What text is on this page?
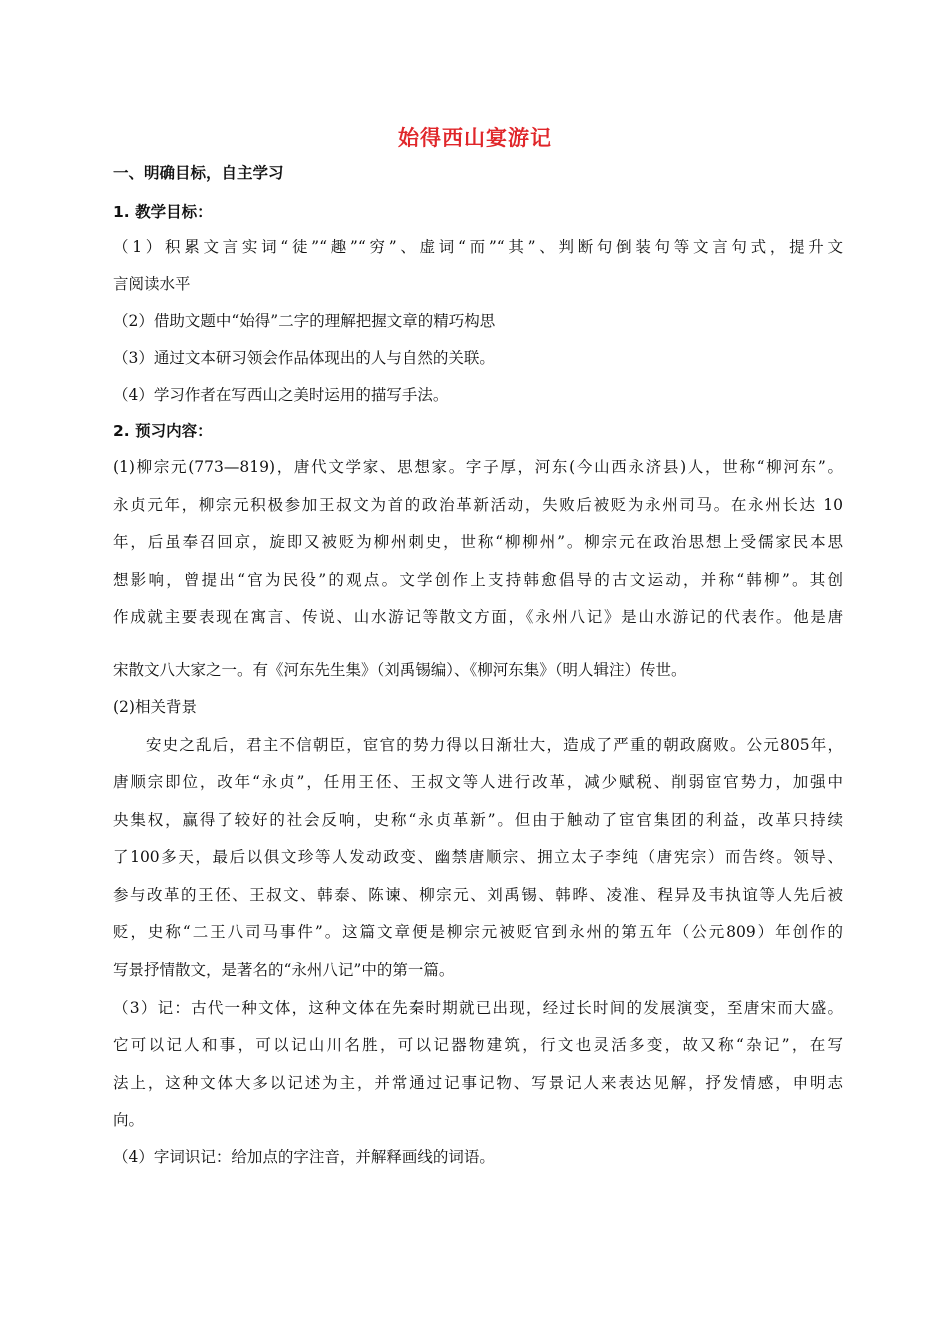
始得西山宴游记

一、明确目标，自主学习

1. 教学目标：

（1）积累文言实词“徒”“趣”“穷”、虚词“而”“其”、判断句倒装句等文言句式，提升文

言阅读水平

（2）借助文题中“始得”二字的理解把握文章的精巧构思

（3）通过文本研习领会作品体现出的人与自然的关联。

（4）学习作者在写西山之美时运用的描写手法。

2. 预习内容：

(1)柳宗元(773—819)，唐代文学家、思想家。字子厚，河东(今山西永济县)人，世称“柳河东”。

永贞元年，柳宗元积极参加王叔文为首的政治革新活动，失败后被贬为永州司马。在永州长达 10

年，后虽奉召回京，旋即又被贬为柳州刺史，世称“柳柳州”。柳宗元在政治思想上受儒家民本思

想影响，曾提出“官为民役”的观点。文学创作上支持韩愈倡导的古文运动，并称“韩柳”。其创

作成就主要表现在寓言、传说、山水游记等散文方面，《永州八记》是山水游记的代表作。他是唐

宋散文八大家之一。有《河东先生集》（刘禹锡编）、《柳河东集》（明人辑注）传世。

(2)相关背景

安史之乱后，君主不信朝臣，宦官的势力得以日渐壮大，造成了严重的朝政腐败。公元805年，

唐顺宗即位，改年“永贞”，任用王伾、王叔文等人进行改革，减少赋税、削弱宦官势力，加强中

央集权，赢得了较好的社会反响，史称“永贞革新”。但由于触动了宦官集团的利益，改革只持续

了100多天，最后以俱文珍等人发动政变、幽禁唐顺宗、拥立太子李纯（唐宪宗）而告终。领导、

参与改革的王伾、王叔文、韩泰、陈谏、柳宗元、刘禹锡、韩晔、凌准、程异及韦执谊等人先后被

贬，史称“二王八司马事件”。这篇文章便是柳宗元被贬官到永州的第五年（公元809）年创作的

写景抒情散文，是著名的“永州八记”中的第一篇。

（3）记：古代一种文体，这种文体在先秦时期就已出现，经过长时间的发展演变，至唐宋而大盛。

它可以记人和事，可以记山川名胜，可以记器物建筑，行文也灵活多变，故又称“杂记”，在写

法上，这种文体大多以记述为主，并常通过记事记物、写景记人来表达见解，抒发情感，申明志

向。

（4）字词识记：给加点的字注音，并解释画线的词语。
